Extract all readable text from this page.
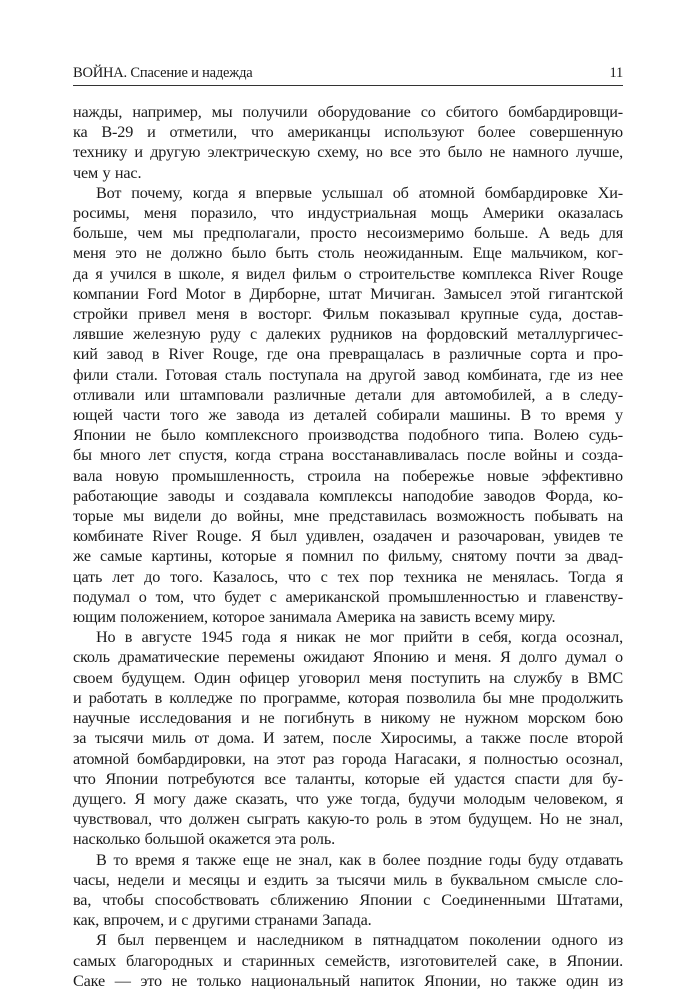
ВОЙНА. Спасение и надежда	11

нажды, например, мы получили оборудование со сбитого бомбардировщи-
ка B-29 и отметили, что американцы используют более совершенную
технику и другую электрическую схему, но все это было не намного лучше,
чем у нас.

Вот почему, когда я впервые услышал об атомной бомбардировке Хи-
росимы, меня поразило, что индустриальная мощь Америки оказалась
больше, чем мы предполагали, просто несоизмеримо больше. А ведь для
меня это не должно было быть столь неожиданным. Еще мальчиком, ког-
да я учился в школе, я видел фильм о строительстве комплекса River Rouge
компании Ford Motor в Дирборне, штат Мичиган. Замысел этой гигантской
стройки привел меня в восторг. Фильм показывал крупные суда, достав-
лявшие железную руду с далеких рудников на фордовский металлургичес-
кий завод в River Rouge, где она превращалась в различные сорта и про-
фили стали. Готовая сталь поступала на другой завод комбината, где из нее
отливали или штамповали различные детали для автомобилей, а в следу-
ющей части того же завода из деталей собирали машины. В то время у
Японии не было комплексного производства подобного типа. Волею судь-
бы много лет спустя, когда страна восстанавливалась после войны и созда-
вала новую промышленность, строила на побережье новые эффективно
работающие заводы и создавала комплексы наподобие заводов Форда, ко-
торые мы видели до войны, мне представилась возможность побывать на
комбинате River Rouge. Я был удивлен, озадачен и разочарован, увидев те
же самые картины, которые я помнил по фильму, снятому почти за двад-
цать лет до того. Казалось, что с тех пор техника не менялась. Тогда я
подумал о том, что будет с американской промышленностью и главенству-
ющим положением, которое занимала Америка на зависть всему миру.

Но в августе 1945 года я никак не мог прийти в себя, когда осознал,
сколь драматические перемены ожидают Японию и меня. Я долго думал о
своем будущем. Один офицер уговорил меня поступить на службу в ВМС
и работать в колледже по программе, которая позволила бы мне продолжить
научные исследования и не погибнуть в никому не нужном морском бою
за тысячи миль от дома. И затем, после Хиросимы, а также после второй
атомной бомбардировки, на этот раз города Нагасаки, я полностью осознал,
что Японии потребуются все таланты, которые ей удастся спасти для бу-
дущего. Я могу даже сказать, что уже тогда, будучи молодым человеком, я
чувствовал, что должен сыграть какую-то роль в этом будущем. Но не знал,
насколько большой окажется эта роль.

В то время я также еще не знал, как в более поздние годы буду отдавать
часы, недели и месяцы и ездить за тысячи миль в буквальном смысле сло-
ва, чтобы способствовать сближению Японии с Соединенными Штатами,
как, впрочем, и с другими странами Запада.

Я был первенцем и наследником в пятнадцатом поколении одного из
самых благородных и старинных семейств, изготовителей саке, в Японии.
Саке — это не только национальный напиток Японии, но также один из
